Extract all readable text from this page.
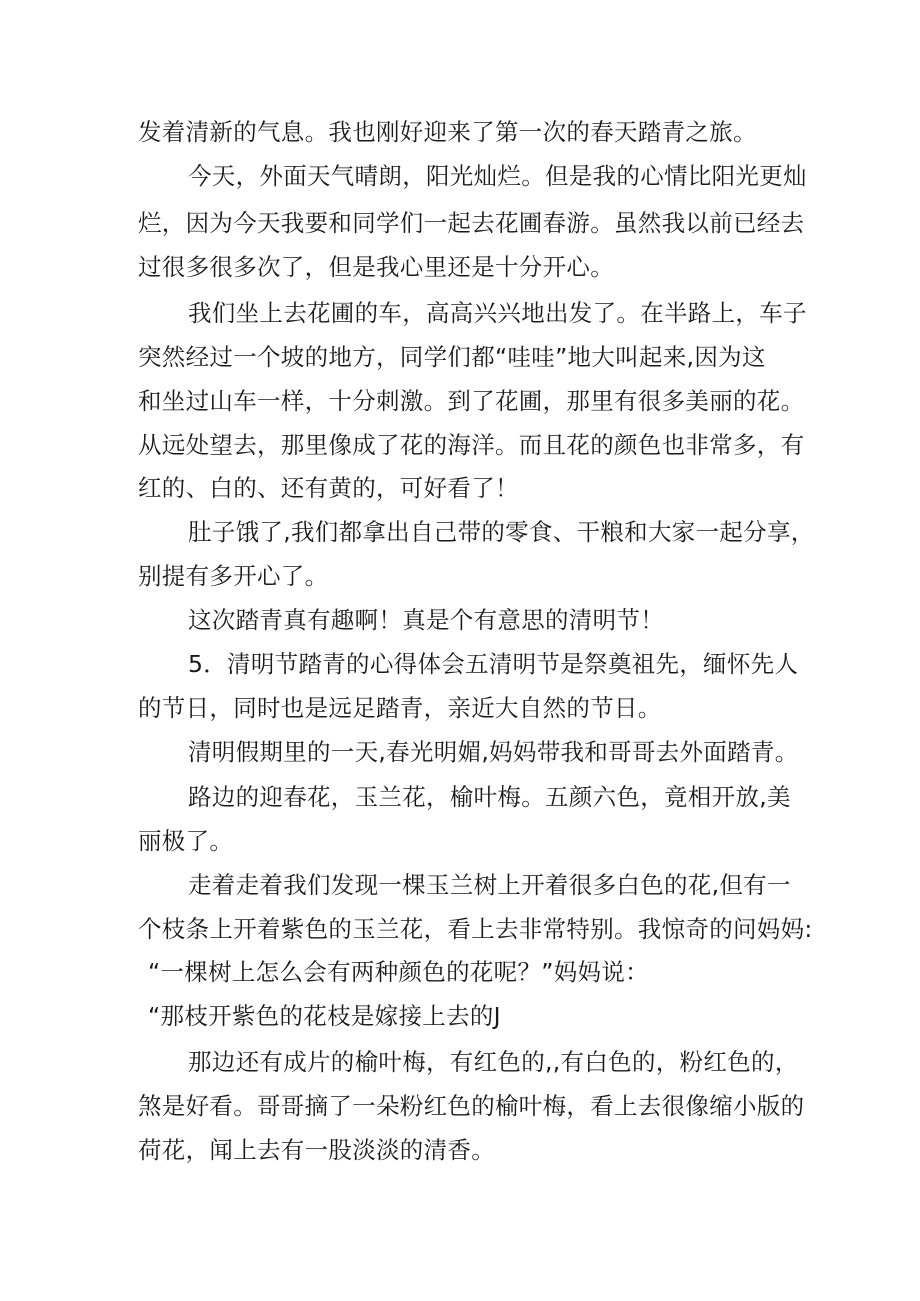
发着清新的气息。我也刚好迎来了第一次的春天踏青之旅。
今天，外面天气晴朗，阳光灿烂。但是我的心情比阳光更灿
烂，因为今天我要和同学们一起去花圃春游。虽然我以前已经去
过很多很多次了，但是我心里还是十分开心。
我们坐上去花圃的车，高高兴兴地出发了。在半路上，车子
突然经过一个坡的地方，同学们都“哇哇”地大叫起来,因为这
和坐过山车一样，十分刺激。到了花圃，那里有很多美丽的花。
从远处望去，那里像成了花的海洋。而且花的颜色也非常多，有
红的、白的、还有黄的，可好看了！
肚子饿了,我们都拿出自己带的零食、干粮和大家一起分享，
别提有多开心了。
这次踏青真有趣啊！真是个有意思的清明节！
5．清明节踏青的心得体会五清明节是祭奠祖先，缅怀先人
的节日，同时也是远足踏青，亲近大自然的节日。
清明假期里的一天,春光明媚,妈妈带我和哥哥去外面踏青。
路边的迎春花，玉兰花，榆叶梅。五颜六色，竟相开放,美
丽极了。
走着走着我们发现一棵玉兰树上开着很多白色的花,但有一
个枝条上开着紫色的玉兰花，看上去非常特别。我惊奇的问妈妈:
“一棵树上怎么会有两种颜色的花呢？”妈妈说：
“那枝开紫色的花枝是嫁接上去的J
那边还有成片的榆叶梅，有红色的,,有白色的，粉红色的，
煞是好看。哥哥摘了一朵粉红色的榆叶梅，看上去很像缩小版的
荷花，闻上去有一股淡淡的清香。
